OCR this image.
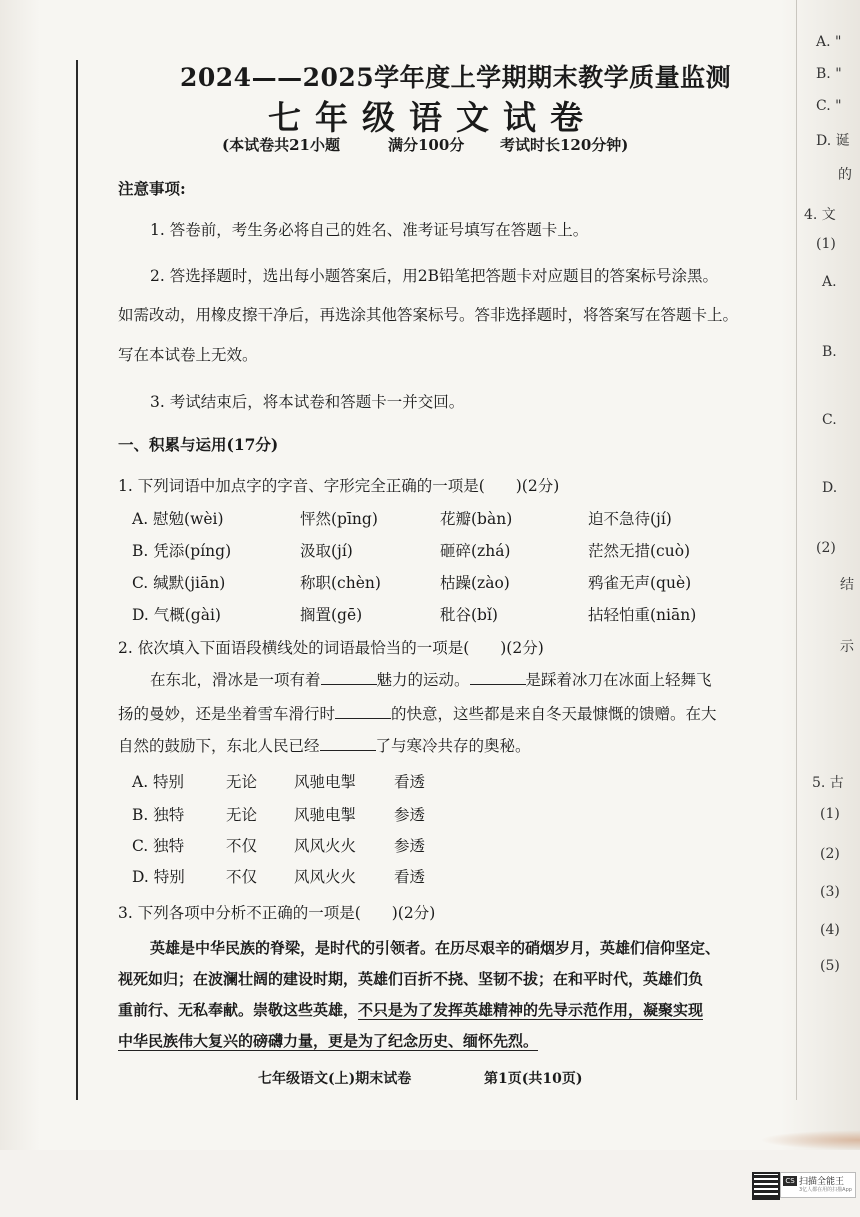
2024——2025学年度上学期期末教学质量监测
七年级语文试卷
(本试卷共21小题	满分100分 考试时长120分钟)
注意事项:
1. 答卷前，考生务必将自己的姓名、准考证号填写在答题卡上。
2. 答选择题时，选出每小题答案后，用2B铅笔把答题卡对应题目的答案标号涂黑。
如需改动，用橡皮擦干净后，再选涂其他答案标号。答非选择题时，将答案写在答题卡上。
写在本试卷上无效。
3. 考试结束后，将本试卷和答题卡一并交回。
一、积累与运用(17分)
1. 下列词语中加点字的字音、字形完全正确的一项是(　　)(2分)
A. 慰勉(wèi)	怦然(pīng)	花瓣(bàn)	迫不急待(jí)
B. 凭添(píng)	汲取(jí)	砸碎(zhá)	茫然无措(cuò)
C. 缄默(jiān)	称职(chèn)	枯躁(zào)	鸦雀无声(què)
D. 气概(gài)	搁置(gē)	秕谷(bǐ)	拈轻怕重(niān)
2. 依次填入下面语段横线处的词语最恰当的一项是(　　)(2分)
在东北，滑冰是一项有着	魅力的运动。	是踩着冰刀在冰面上轻舞飞
扬的曼妙，还是坐着雪车滑行时	的快意，这些都是来自冬天最慷慨的馈赠。在大
自然的鼓励下，东北人民已经	了与寒冷共存的奥秘。
A. 特别	无论 风驰电掣 看透
B. 独特	无论 风驰电掣 参透
C. 独特	不仅 风风火火 参透
D. 特别	不仅 风风火火 看透
3. 下列各项中分析不正确的一项是(　　)(2分)
英雄是中华民族的脊梁，是时代的引领者。在历尽艰辛的硝烟岁月，英雄们信仰坚定、
视死如归；在波澜壮阔的建设时期，英雄们百折不挠、坚韧不拔；在和平时代，英雄们负
重前行、无私奉献。崇敬这些英雄，不只是为了发挥英雄精神的先导示范作用，凝聚实现
中华民族伟大复兴的磅礴力量，更是为了纪念历史、缅怀先烈。
七年级语文(上)期末试卷	第1页(共10页)
A. "
B. "
C. "
D. 诞
的
4. 文
(1)
A.
B.
C.
D.
(2)
结
示
5. 古
(1)
(2)
(3)
(4)
(5)
CS 扫描全能王
3亿人都在用的扫描App
